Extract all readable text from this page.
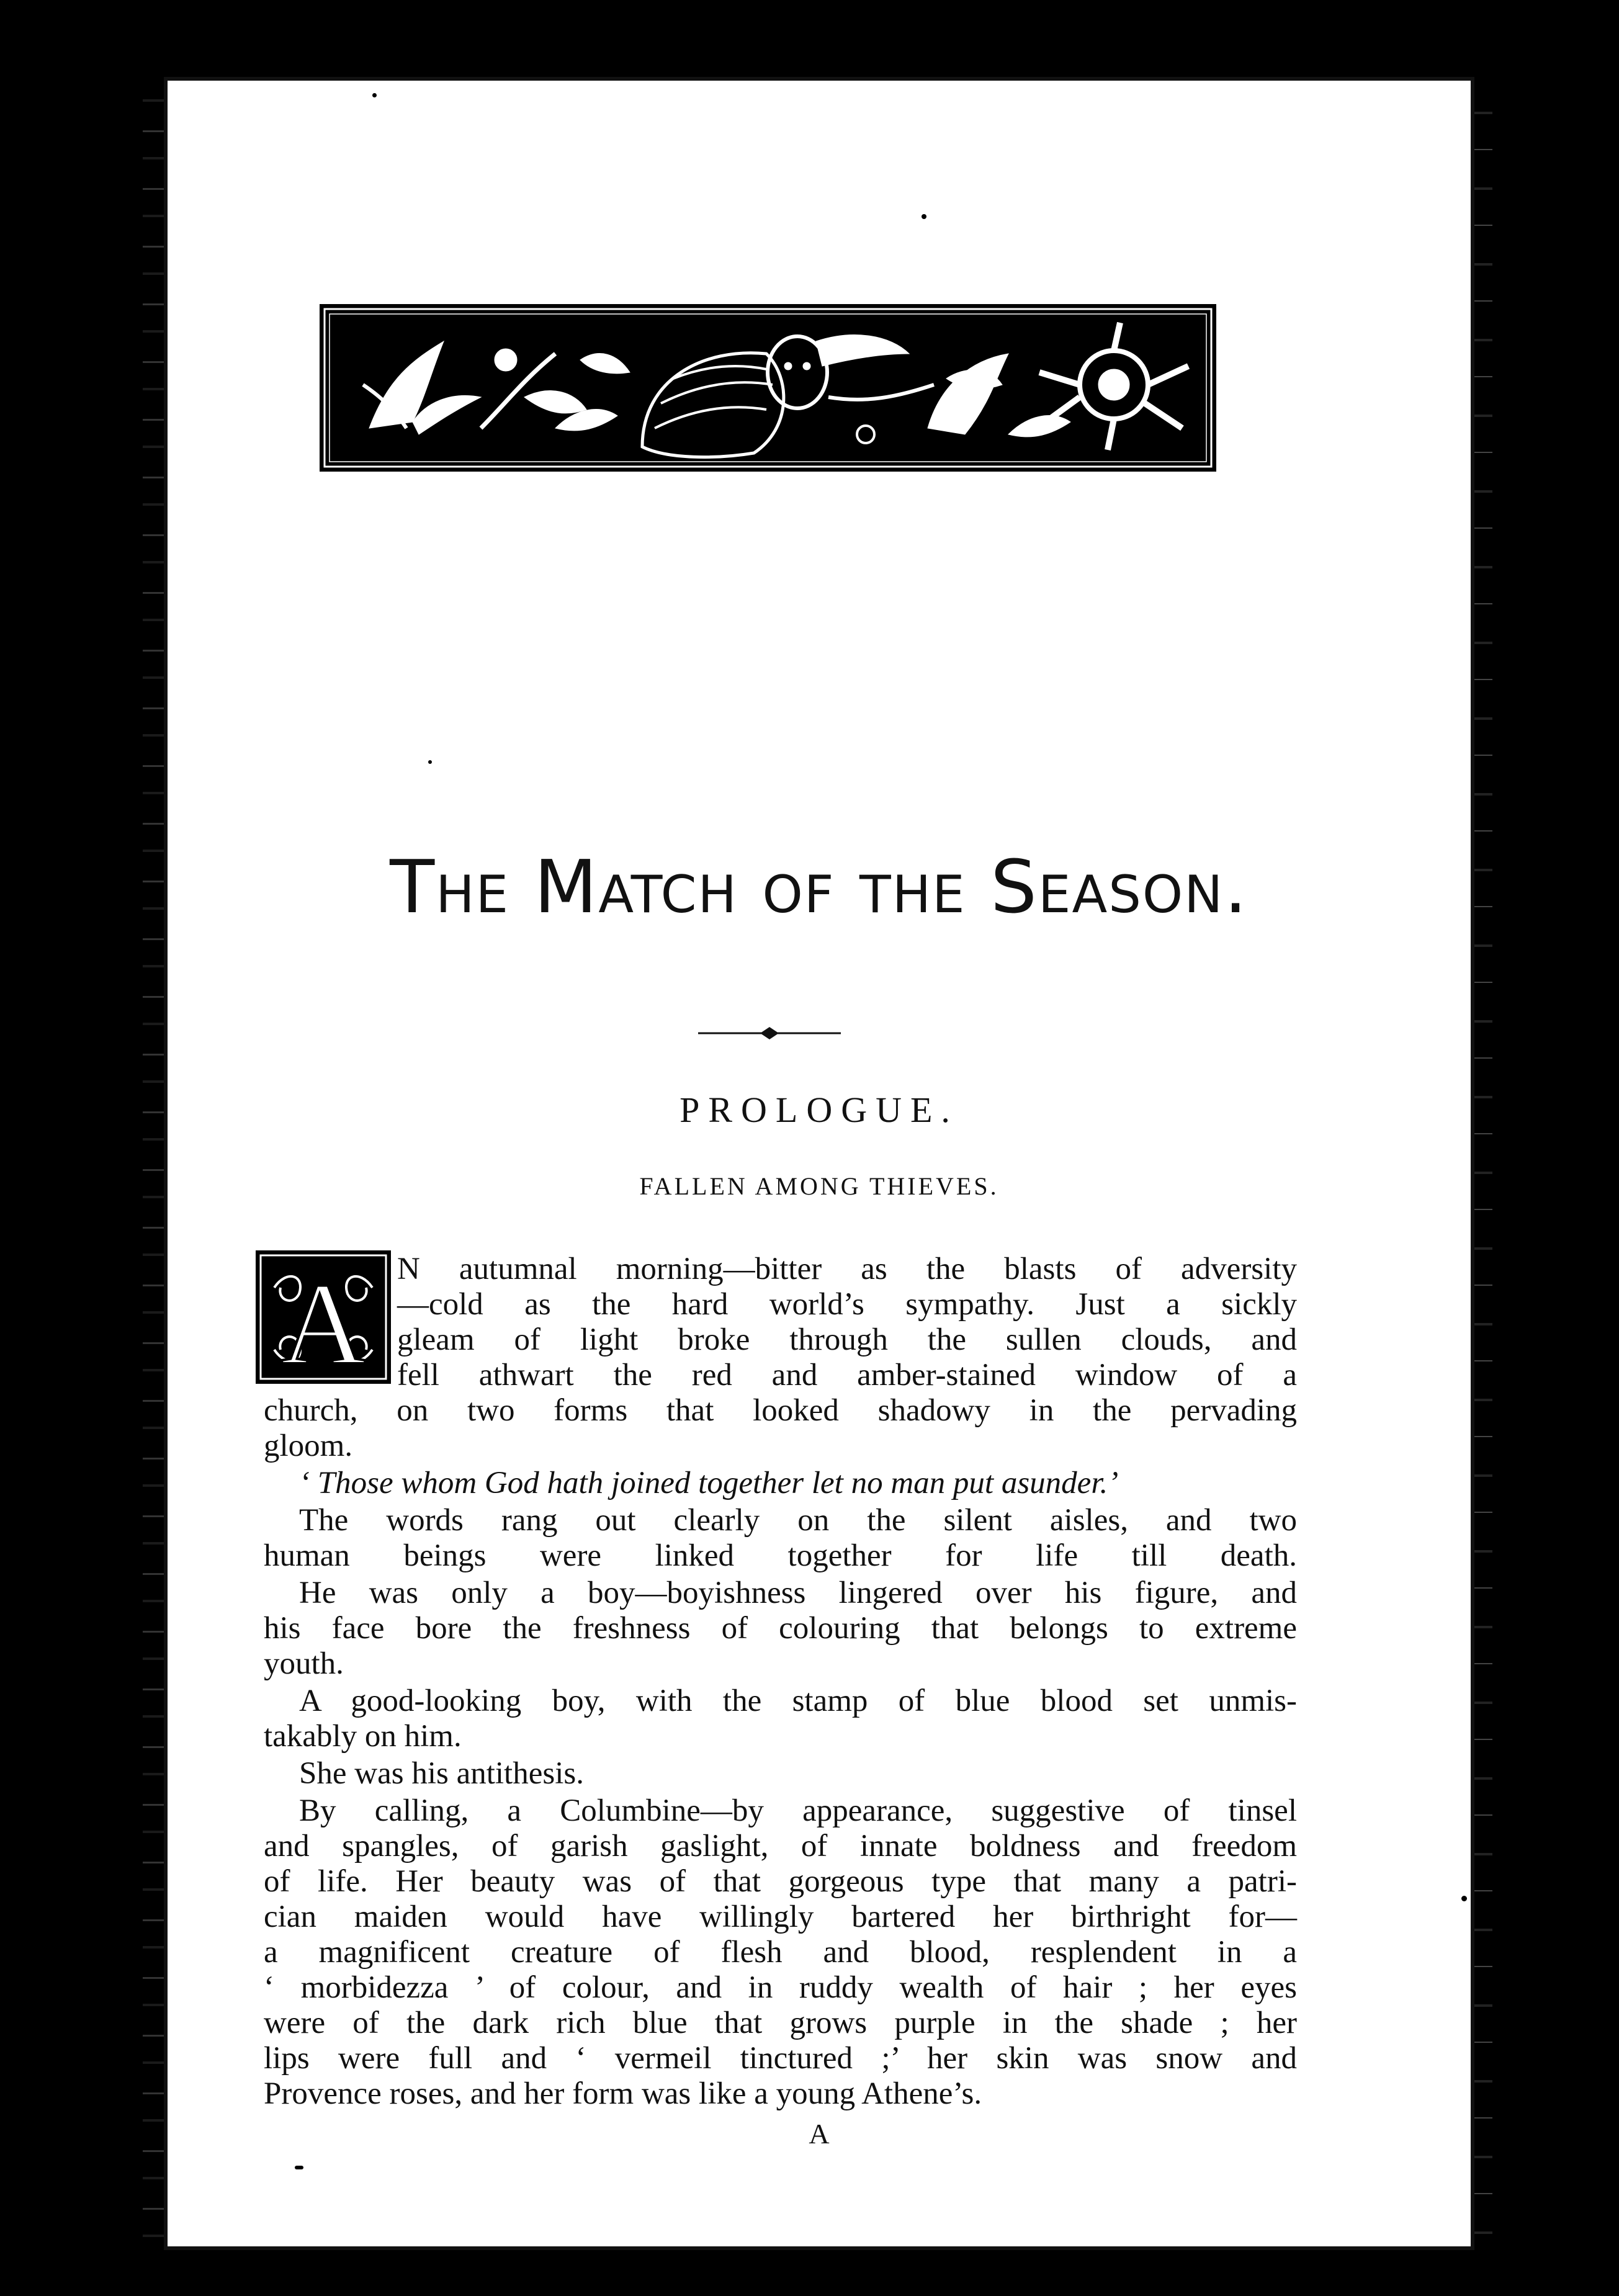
The Match of the Season.
PROLOGUE.
FALLEN AMONG THIEVES.
A N autumnal morning—bitter as the blasts of adversity
—cold as the hard world’s sympathy. Just a sickly
gleam of light broke through the sullen clouds, and
fell athwart the red and amber-stained window of a
church, on two forms that looked shadowy in the pervading
gloom.
‘ Those whom God hath joined together let no man put asunder.’
The words rang out clearly on the silent aisles, and two
human beings were linked together for life till death.
He was only a boy—boyishness lingered over his figure, and
his face bore the freshness of colouring that belongs to extreme
youth.
A good-looking boy, with the stamp of blue blood set unmis-
takably on him.
She was his antithesis.
By calling, a Columbine—by appearance, suggestive of tinsel
and spangles, of garish gaslight, of innate boldness and freedom
of life. Her beauty was of that gorgeous type that many a patri-
cian maiden would have willingly bartered her birthright for—
a magnificent creature of flesh and blood, resplendent in a
‘ morbidezza ’ of colour, and in ruddy wealth of hair ; her eyes
were of the dark rich blue that grows purple in the shade ; her
lips were full and ‘ vermeil tinctured ;’ her skin was snow and
Provence roses, and her form was like a young Athene’s.
A
